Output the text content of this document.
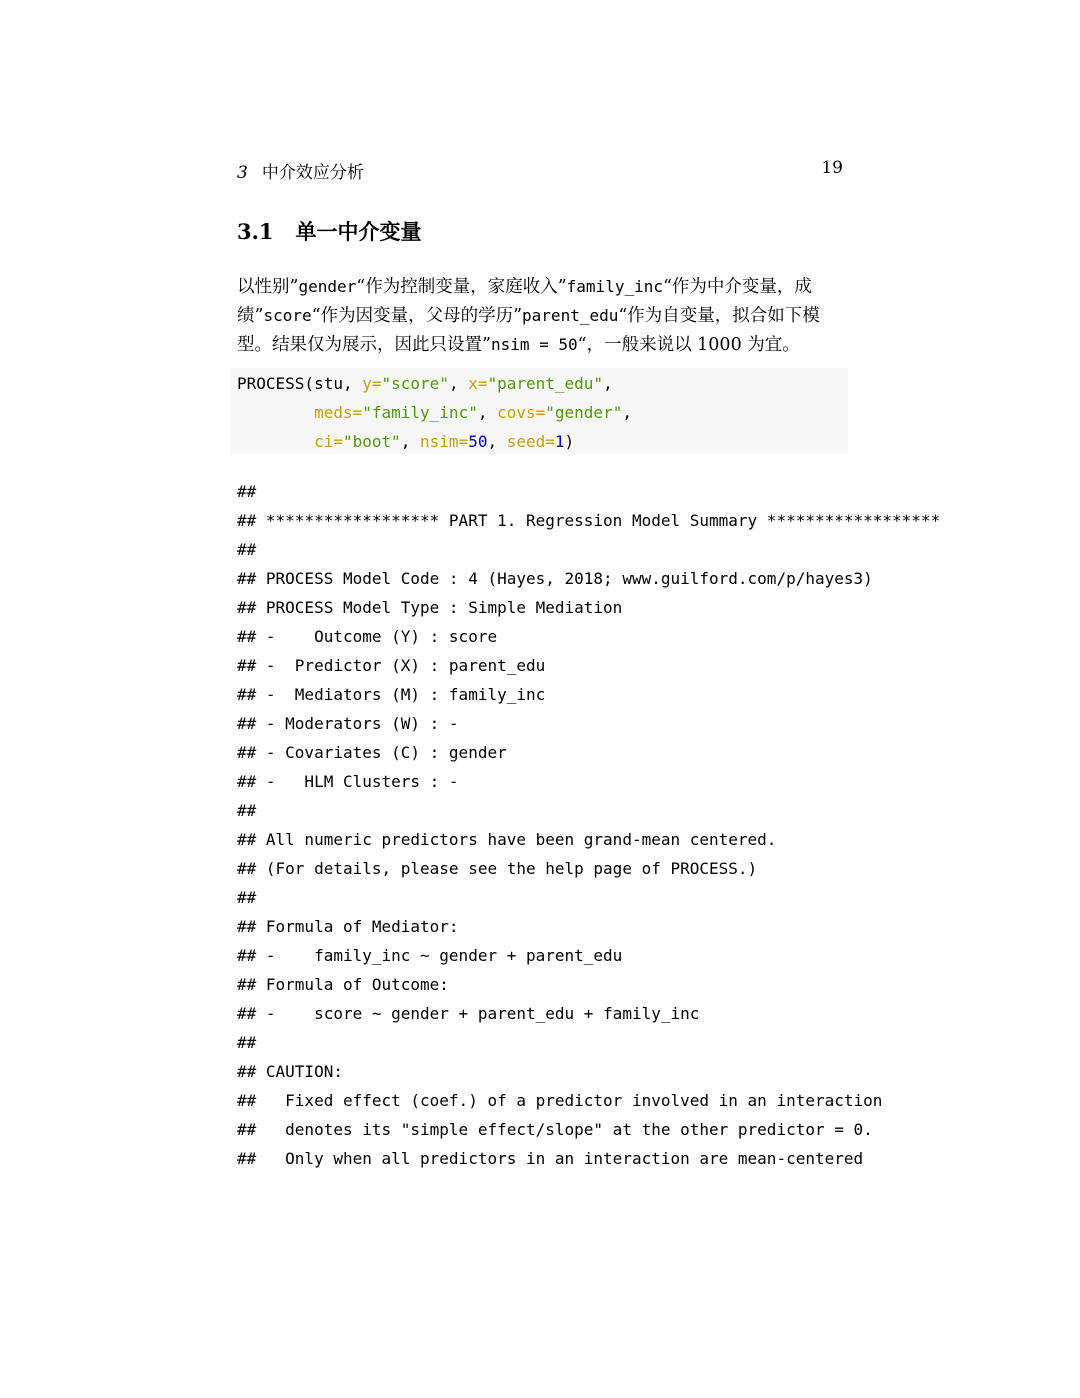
3 中介效应分析	19
3.1 单一中介变量
以性别”gender“作为控制变量，家庭收入”family_inc“作为中介变量，成
绩”score“作为因变量，父母的学历”parent_edu“作为自变量，拟合如下模
型。结果仅为展示，因此只设置”nsim = 50“，一般来说以 1000 为宜。
PROCESS(stu, y="score", x="parent_edu",
meds="family_inc", covs="gender",
ci="boot", nsim=50, seed=1)
##
## ****************** PART 1. Regression Model Summary ******************
##
## PROCESS Model Code : 4 (Hayes, 2018; www.guilford.com/p/hayes3)
## PROCESS Model Type : Simple Mediation
## -    Outcome (Y) : score
## -  Predictor (X) : parent_edu
## -  Mediators (M) : family_inc
## - Moderators (W) : -
## - Covariates (C) : gender
## -   HLM Clusters : -
##
## All numeric predictors have been grand-mean centered.
## (For details, please see the help page of PROCESS.)
##
## Formula of Mediator:
## -    family_inc ~ gender + parent_edu
## Formula of Outcome:
## -    score ~ gender + parent_edu + family_inc
##
## CAUTION:
##   Fixed effect (coef.) of a predictor involved in an interaction
##   denotes its "simple effect/slope" at the other predictor = 0.
##   Only when all predictors in an interaction are mean-centered
